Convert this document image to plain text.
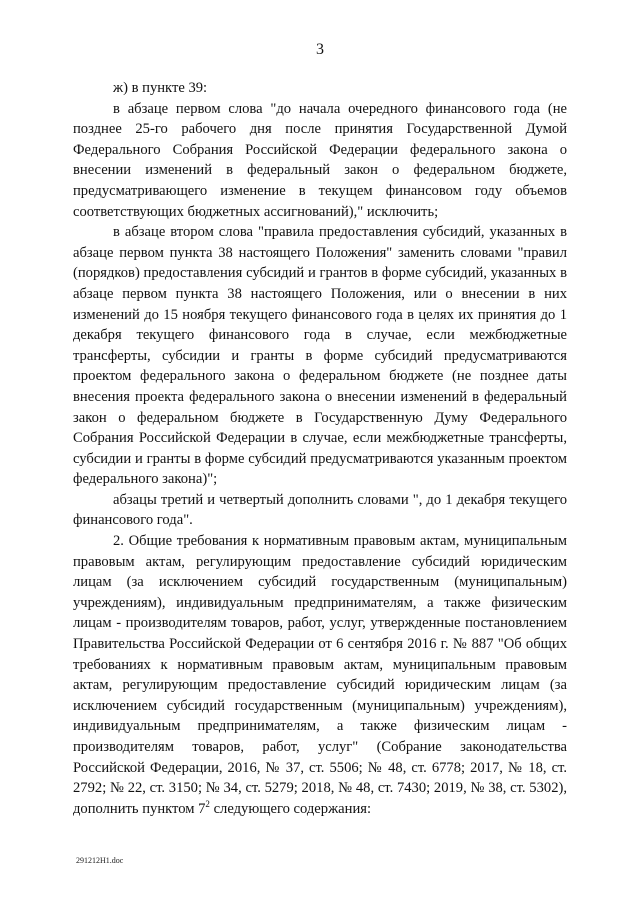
3

ж) в пункте 39:

в абзаце первом слова "до начала очередного финансового года (не позднее 25-го рабочего дня после принятия Государственной Думой Федерального Собрания Российской Федерации федерального закона о внесении изменений в федеральный закон о федеральном бюджете, предусматривающего изменение в текущем финансовом году объемов соответствующих бюджетных ассигнований)," исключить;

в абзаце втором слова "правила предоставления субсидий, указанных в абзаце первом пункта 38 настоящего Положения" заменить словами "правил (порядков) предоставления субсидий и грантов в форме субсидий, указанных в абзаце первом пункта 38 настоящего Положения, или о внесении в них изменений до 15 ноября текущего финансового года в целях их принятия до 1 декабря текущего финансового года в случае, если межбюджетные трансферты, субсидии и гранты в форме субсидий предусматриваются проектом федерального закона о федеральном бюджете (не позднее даты внесения проекта федерального закона о внесении изменений в федеральный закон о федеральном бюджете в Государственную Думу Федерального Собрания Российской Федерации в случае, если межбюджетные трансферты, субсидии и гранты в форме субсидий предусматриваются указанным проектом федерального закона)";

абзацы третий и четвертый дополнить словами ", до 1 декабря текущего финансового года".

2. Общие требования к нормативным правовым актам, муниципальным правовым актам, регулирующим предоставление субсидий юридическим лицам (за исключением субсидий государственным (муниципальным) учреждениям), индивидуальным предпринимателям, а также физическим лицам - производителям товаров, работ, услуг, утвержденные постановлением Правительства Российской Федерации от 6 сентября 2016 г. № 887 "Об общих требованиях к нормативным правовым актам, муниципальным правовым актам, регулирующим предоставление субсидий юридическим лицам (за исключением субсидий государственным (муниципальным) учреждениям), индивидуальным предпринимателям, а также физическим лицам - производителям товаров, работ, услуг" (Собрание законодательства Российской Федерации, 2016, № 37, ст. 5506; № 48, ст. 6778; 2017, № 18, ст. 2792; № 22, ст. 3150; № 34, ст. 5279; 2018, № 48, ст. 7430; 2019, № 38, ст. 5302), дополнить пунктом $7^2$ следующего содержания:

291212Н1.doc
